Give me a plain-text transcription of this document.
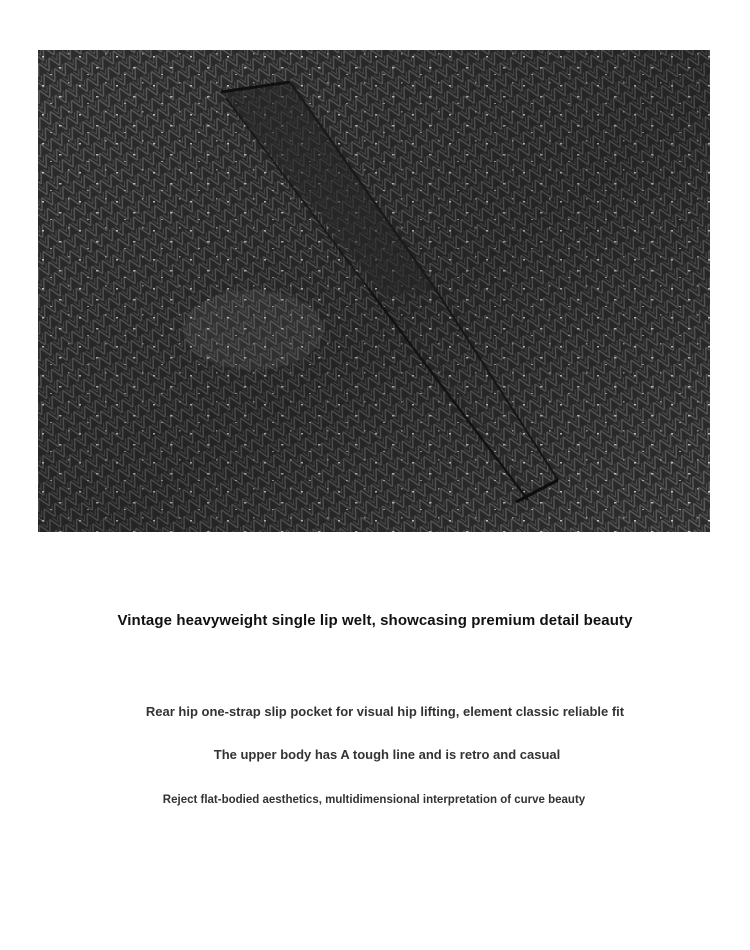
Vintage heavyweight single lip welt, showcasing premium detail beauty
Rear hip one-strap slip pocket for visual hip lifting, element classic reliable fit
The upper body has A tough line and is retro and casual
Reject flat-bodied aesthetics, multidimensional interpretation of curve beauty
